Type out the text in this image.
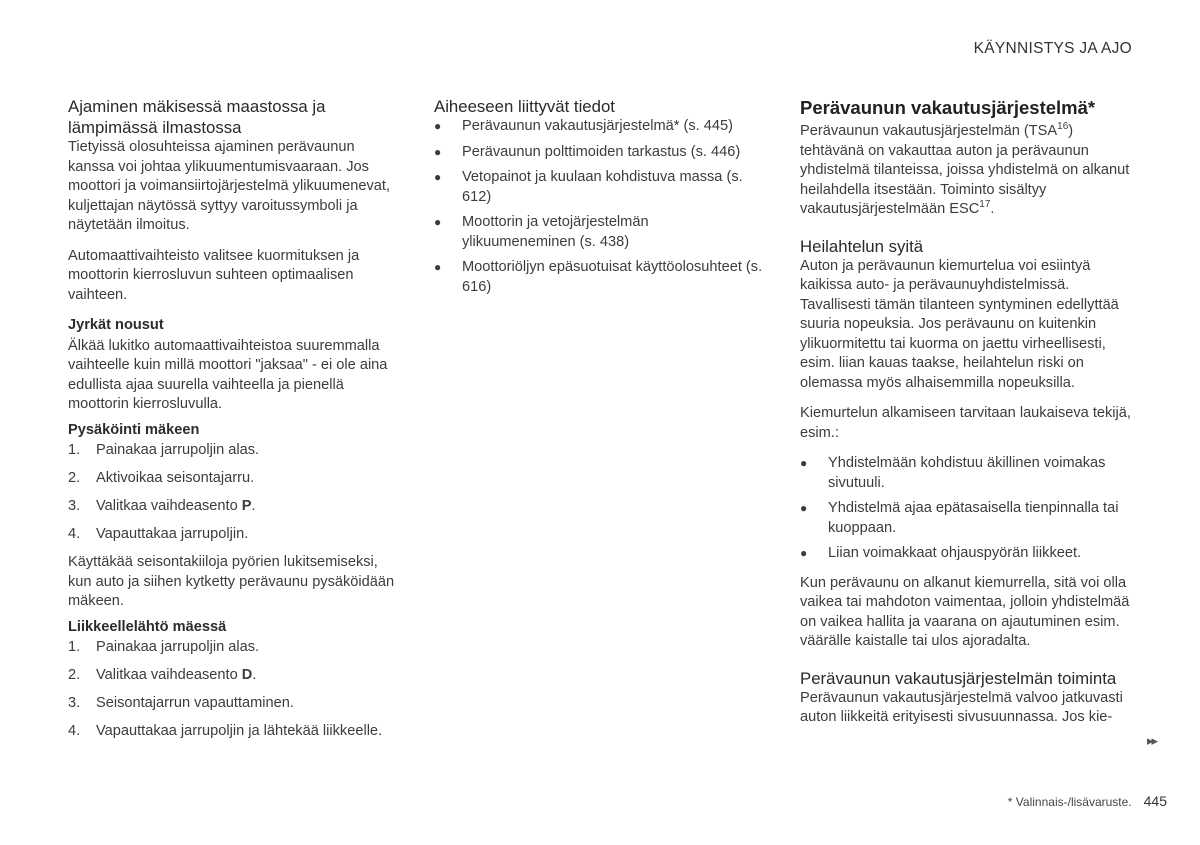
KÄYNNISTYS JA AJO
Ajaminen mäkisessä maastossa ja lämpimässä ilmastossa

Tietyissä olosuhteissa ajaminen perävaunun kanssa voi johtaa ylikuumentumisvaaraan. Jos moottori ja voimansiirtojärjestelmä ylikuumenevat, kuljettajan näytössä syttyy varoitussymboli ja näytetään ilmoitus.

Automaattivaihteisto valitsee kuormituksen ja moottorin kierrosluvun suhteen optimaalisen vaihteen.

Jyrkät nousut

Älkää lukitko automaattivaihteistoa suuremmalla vaihteelle kuin millä moottori "jaksaa" - ei ole aina edullista ajaa suurella vaihteella ja pienellä moottorin kierrosluvulla.

Pysäköinti mäkeen
1.	Painakaa jarrupoljin alas.
2.	Aktivoikaa seisontajarru.
3.	Valitkaa vaihdeasento P.
4.	Vapauttakaa jarrupoljin.

Käyttäkää seisontakiiloja pyörien lukitsemiseksi, kun auto ja siihen kytketty perävaunu pysäköidään mäkeen.

Liikkeellelähtö mäessä
1.	Painakaa jarrupoljin alas.
2.	Valitkaa vaihdeasento D.
3.	Seisontajarrun vapauttaminen.
4.	Vapauttakaa jarrupoljin ja lähtekää liikkeelle.
Aiheeseen liittyvät tiedot
●	Perävaunun vakautusjärjestelmä* (s. 445)
●	Perävaunun polttimoiden tarkastus (s. 446)
●	Vetopainot ja kuulaan kohdistuva massa (s. 612)
●	Moottorin ja vetojärjestelmän ylikuumeneminen (s. 438)
●	Moottoriöljyn epäsuotuisat käyttöolosuhteet (s. 616)
Perävaunun vakautusjärjestelmä*

Perävaunun vakautusjärjestelmän (TSA$^{16}$) tehtävänä on vakauttaa auton ja perävaunun yhdistelmä tilanteissa, joissa yhdistelmä on alkanut heilahdella itsestään. Toiminto sisältyy vakautusjärjestelmään ESC$^{17}$.

Heilahtelun syitä

Auton ja perävaunun kiemurtelua voi esiintyä kaikissa auto- ja perävaunuyhdistelmissä. Tavallisesti tämän tilanteen syntyminen edellyttää suuria nopeuksia. Jos perävaunu on kuitenkin ylikuormitettu tai kuorma on jaettu virheellisesti, esim. liian kauas taakse, heilahtelun riski on olemassa myös alhaisemmilla nopeuksilla.

Kiemurtelun alkamiseen tarvitaan laukaiseva tekijä, esim.:

●	Yhdistelmään kohdistuu äkillinen voimakas sivutuuli.
●	Yhdistelmä ajaa epätasaisella tienpinnalla tai kuoppaan.
●	Liian voimakkaat ohjauspyörän liikkeet.

Kun perävaunu on alkanut kiemurrella, sitä voi olla vaikea tai mahdoton vaimentaa, jolloin yhdistelmää on vaikea hallita ja vaarana on ajautuminen esim. väärälle kaistalle tai ulos ajoradalta.

Perävaunun vakautusjärjestelmän toiminta

Perävaunun vakautusjärjestelmä valvoo jatkuvasti auton liikkeitä erityisesti sivusuunnassa. Jos kie-

▸▸
* Valinnais-/lisävaruste. 445
